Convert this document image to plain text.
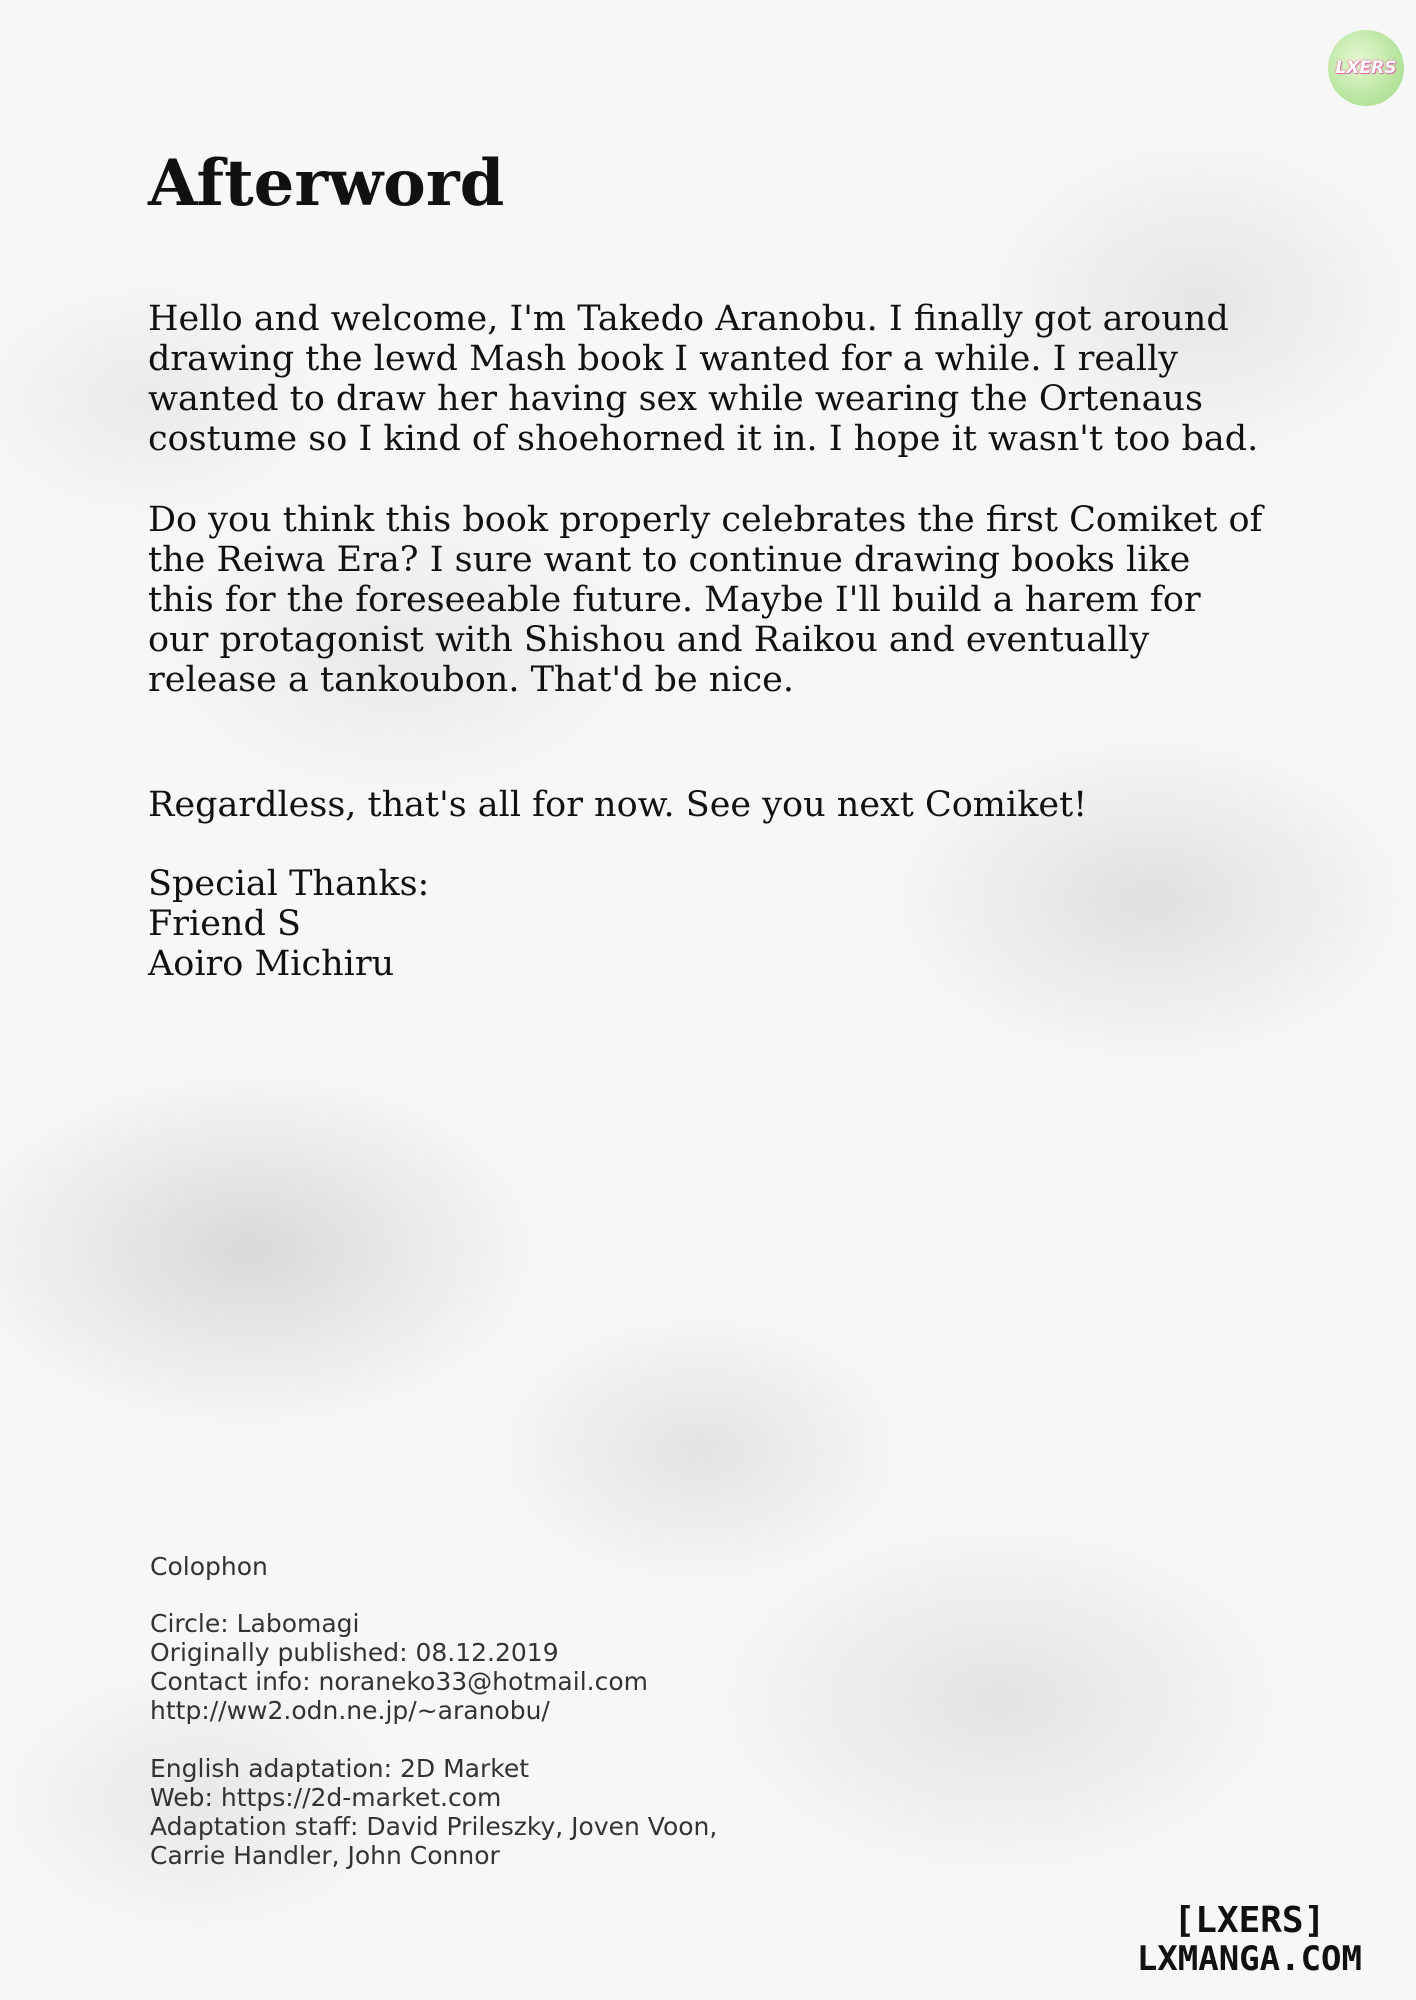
LXERS
Afterword

Hello and welcome, I'm Takedo Aranobu. I finally got around

drawing the lewd Mash book I wanted for a while. I really

wanted to draw her having sex while wearing the Ortenaus

costume so I kind of shoehorned it in. I hope it wasn't too bad.

Do you think this book properly celebrates the first Comiket of

the Reiwa Era? I sure want to continue drawing books like

this for the foreseeable future. Maybe I'll build a harem for

our protagonist with Shishou and Raikou and eventually

release a tankoubon. That'd be nice.

Regardless, that's all for now. See you next Comiket!

Special Thanks:

Friend S

Aoiro Michiru

Colophon
Circle: Labomagi
Originally published: 08.12.2019
Contact info: noraneko33@hotmail.com
http://ww2.odn.ne.jp/~aranobu/
English adaptation: 2D Market
Web: https://2d-market.com
Adaptation staff: David Prileszky, Joven Voon,
Carrie Handler, John Connor
[LXERS]
LXMANGA.COM
